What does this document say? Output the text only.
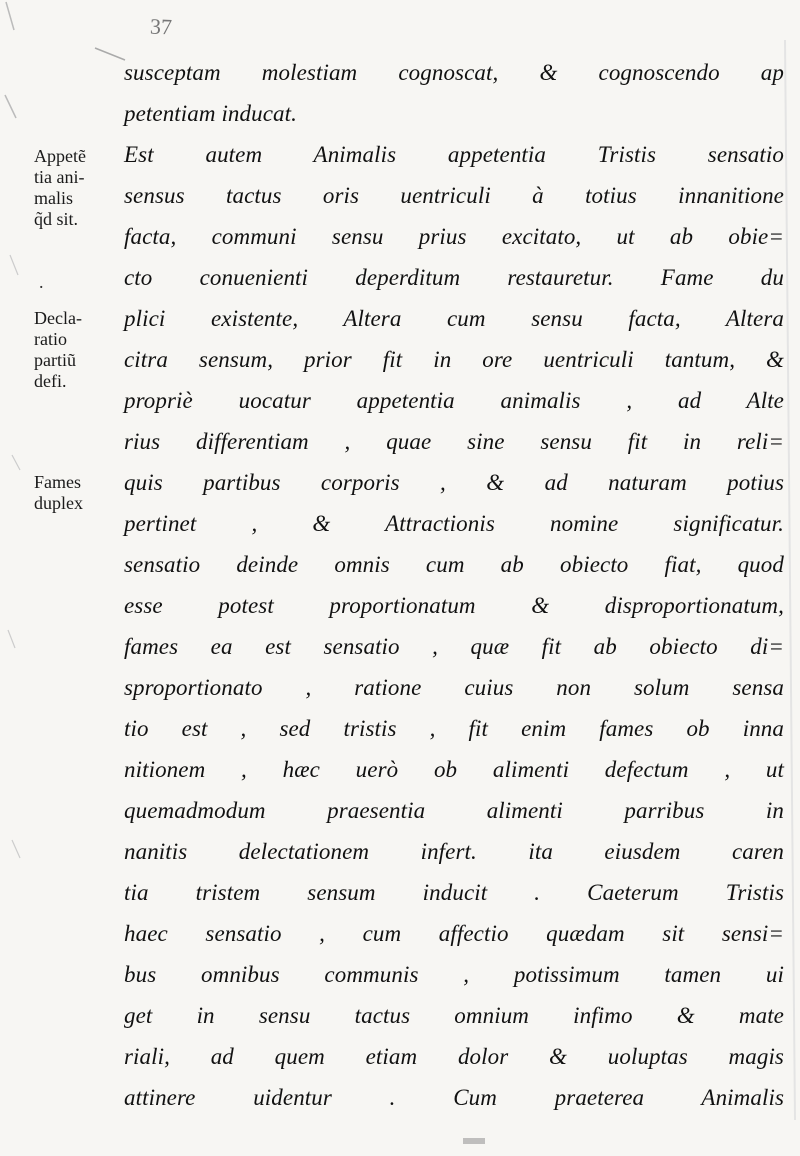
37
Appetẽ
tia ani-
malis
q̃d sit.
.
Decla-
ratio
partiũ
defi.
Fames
duplex
susceptam molestiam cognoscat, & cognoscendo ap
petentiam inducat.
Est autem Animalis appetentia Tristis sensatio
sensus tactus oris uentriculi à totius innanitione
facta, communi sensu prius excitato, ut ab obie=
cto conuenienti deperditum restauretur. Fame du
plici existente, Altera cum sensu facta, Altera
citra sensum, prior fit in ore uentriculi tantum, &
propriè uocatur appetentia animalis , ad Alte
rius differentiam , quae sine sensu fit in reli=
quis partibus corporis , & ad naturam potius
pertinet , & Attractionis nomine significatur.
sensatio deinde omnis cum ab obiecto fiat, quod
esse potest proportionatum & disproportionatum,
fames ea est sensatio , quæ fit ab obiecto di=
sproportionato , ratione cuius non solum sensa
tio est , sed tristis , fit enim fames ob inna
nitionem , hæc uerò ob alimenti defectum , ut
quemadmodum praesentia alimenti parribus in
nanitis delectationem infert. ita eiusdem caren
tia tristem sensum inducit . Caeterum Tristis
haec sensatio , cum affectio quædam sit sensi=
bus omnibus communis , potissimum tamen ui
get in sensu tactus omnium infimo & mate
riali, ad quem etiam dolor & uoluptas magis
attinere uidentur . Cum praeterea Animalis
